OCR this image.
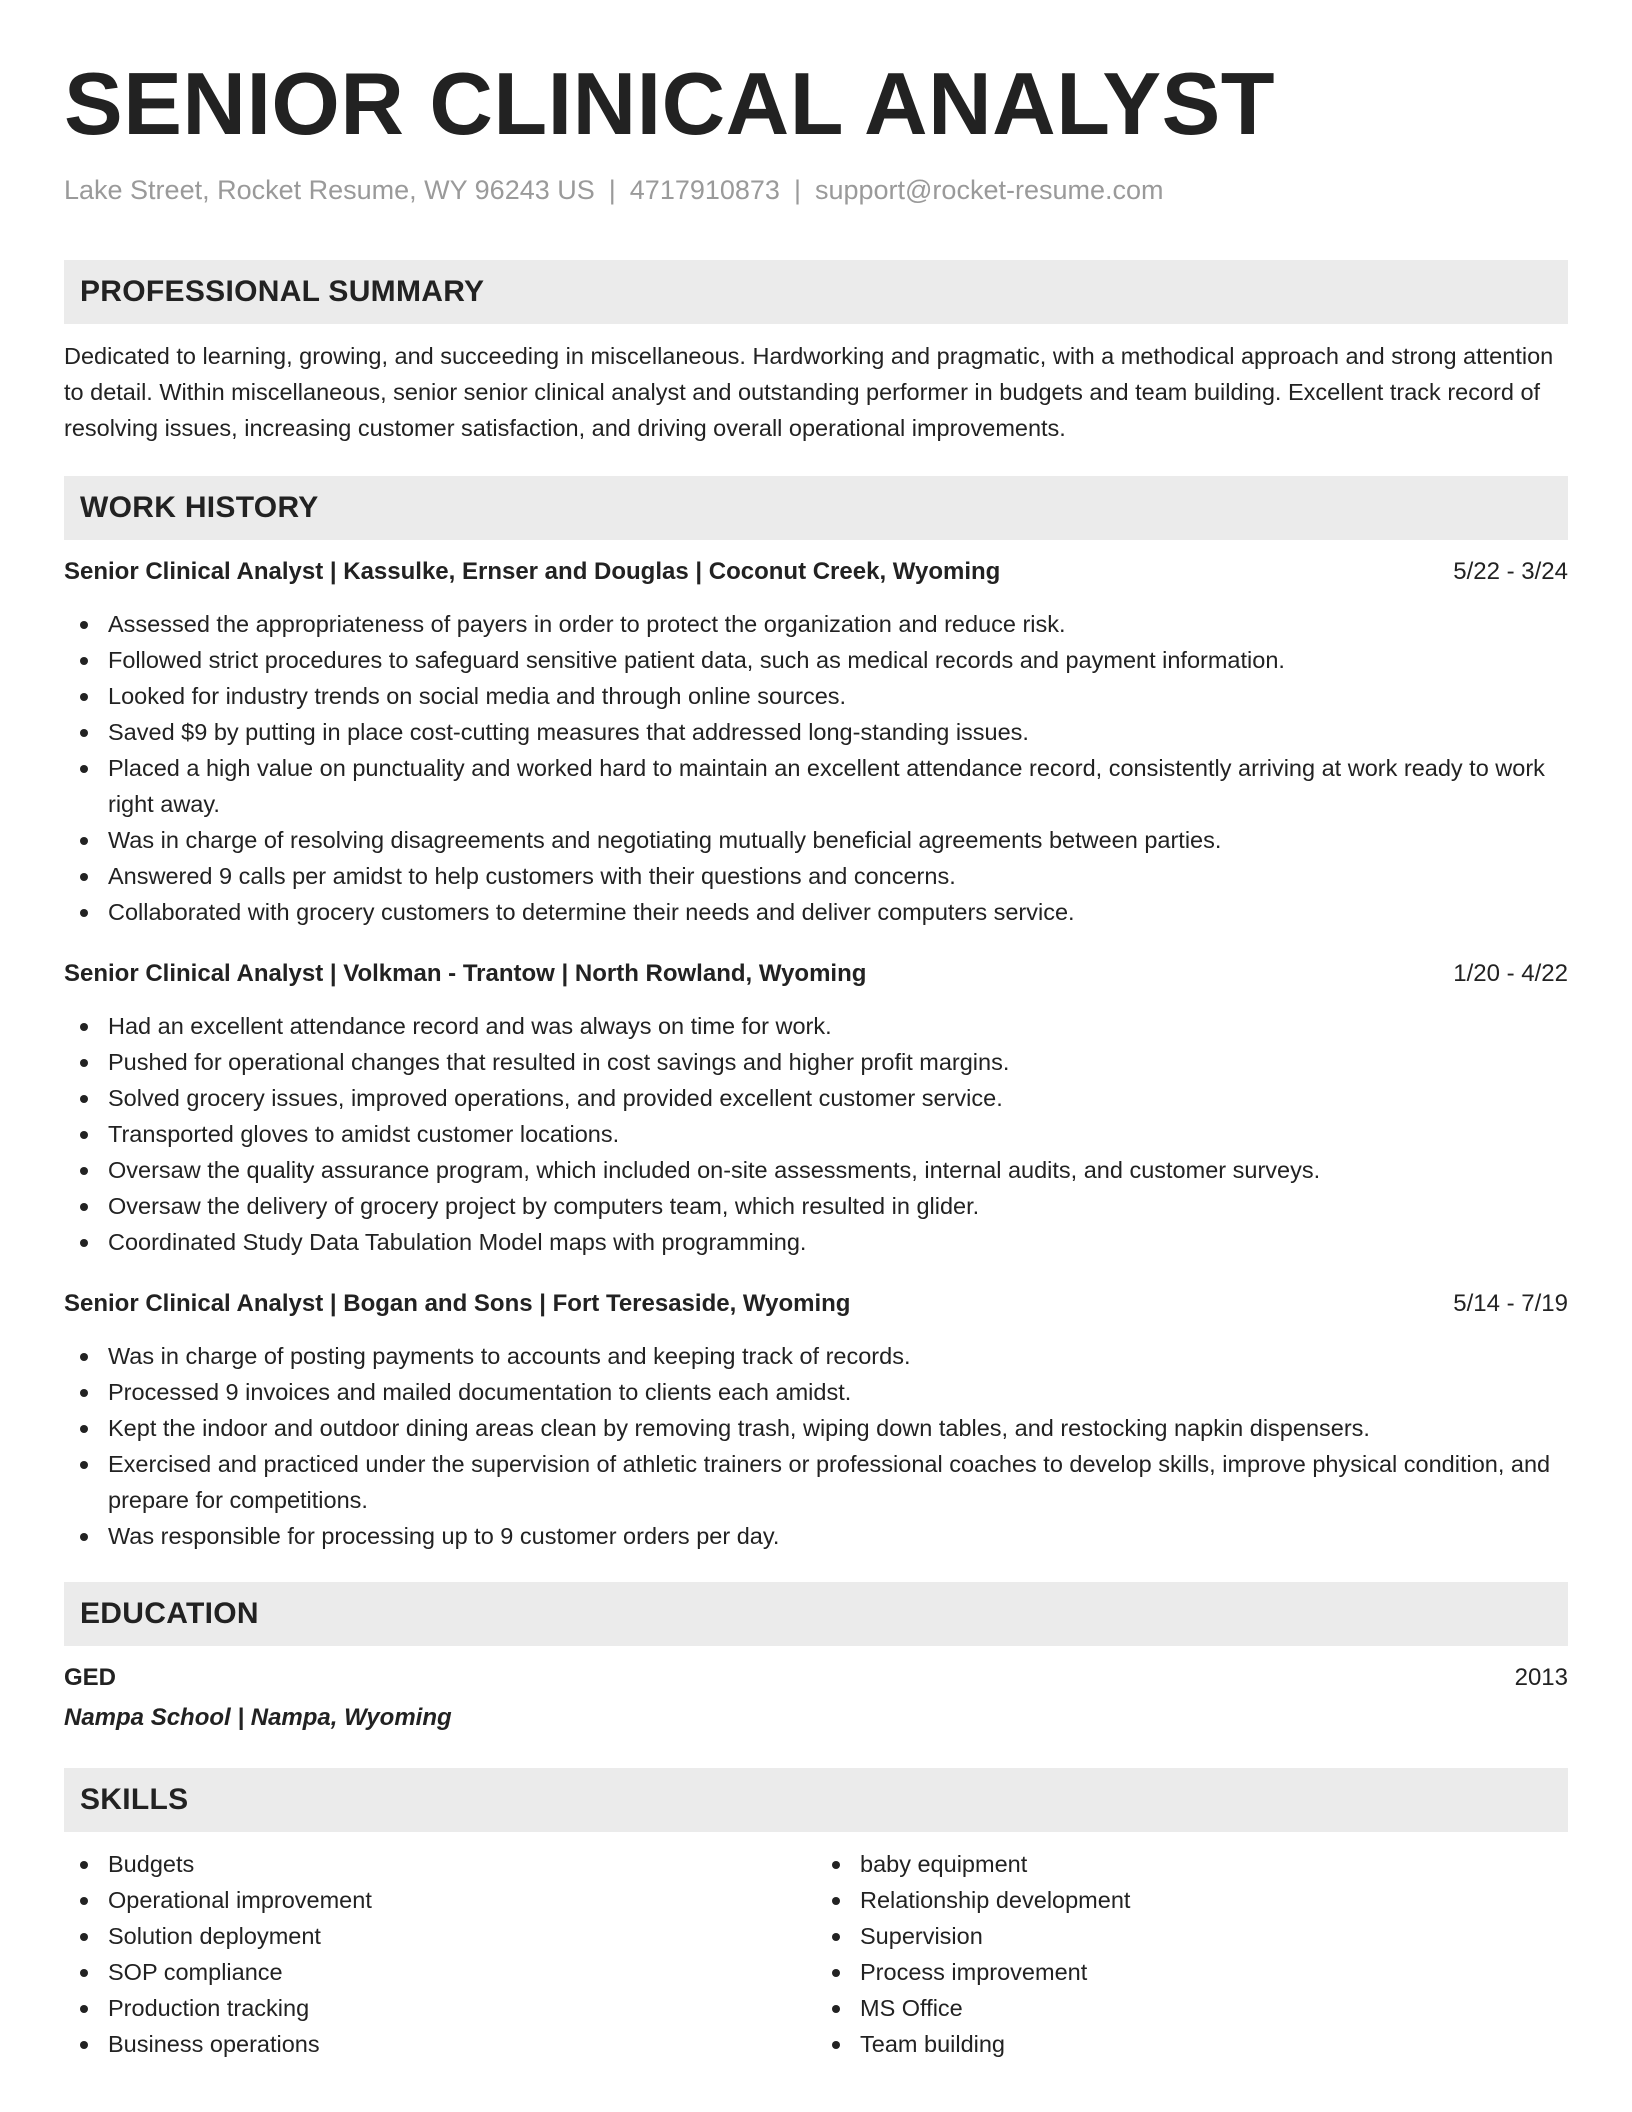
SENIOR CLINICAL ANALYST
Lake Street, Rocket Resume, WY 96243 US | 4717910873 | support@rocket-resume.com
PROFESSIONAL SUMMARY
Dedicated to learning, growing, and succeeding in miscellaneous. Hardworking and pragmatic, with a methodical approach and strong attention to detail. Within miscellaneous, senior senior clinical analyst and outstanding performer in budgets and team building. Excellent track record of resolving issues, increasing customer satisfaction, and driving overall operational improvements.
WORK HISTORY
Senior Clinical Analyst | Kassulke, Ernser and Douglas | Coconut Creek, Wyoming	5/22 - 3/24
Assessed the appropriateness of payers in order to protect the organization and reduce risk.
Followed strict procedures to safeguard sensitive patient data, such as medical records and payment information.
Looked for industry trends on social media and through online sources.
Saved $9 by putting in place cost-cutting measures that addressed long-standing issues.
Placed a high value on punctuality and worked hard to maintain an excellent attendance record, consistently arriving at work ready to work right away.
Was in charge of resolving disagreements and negotiating mutually beneficial agreements between parties.
Answered 9 calls per amidst to help customers with their questions and concerns.
Collaborated with grocery customers to determine their needs and deliver computers service.
Senior Clinical Analyst | Volkman - Trantow | North Rowland, Wyoming	1/20 - 4/22
Had an excellent attendance record and was always on time for work.
Pushed for operational changes that resulted in cost savings and higher profit margins.
Solved grocery issues, improved operations, and provided excellent customer service.
Transported gloves to amidst customer locations.
Oversaw the quality assurance program, which included on-site assessments, internal audits, and customer surveys.
Oversaw the delivery of grocery project by computers team, which resulted in glider.
Coordinated Study Data Tabulation Model maps with programming.
Senior Clinical Analyst | Bogan and Sons | Fort Teresaside, Wyoming	5/14 - 7/19
Was in charge of posting payments to accounts and keeping track of records.
Processed 9 invoices and mailed documentation to clients each amidst.
Kept the indoor and outdoor dining areas clean by removing trash, wiping down tables, and restocking napkin dispensers.
Exercised and practiced under the supervision of athletic trainers or professional coaches to develop skills, improve physical condition, and prepare for competitions.
Was responsible for processing up to 9 customer orders per day.
EDUCATION
GED	2013
Nampa School | Nampa, Wyoming
SKILLS
Budgets
Operational improvement
Solution deployment
SOP compliance
Production tracking
Business operations
baby equipment
Relationship development
Supervision
Process improvement
MS Office
Team building
